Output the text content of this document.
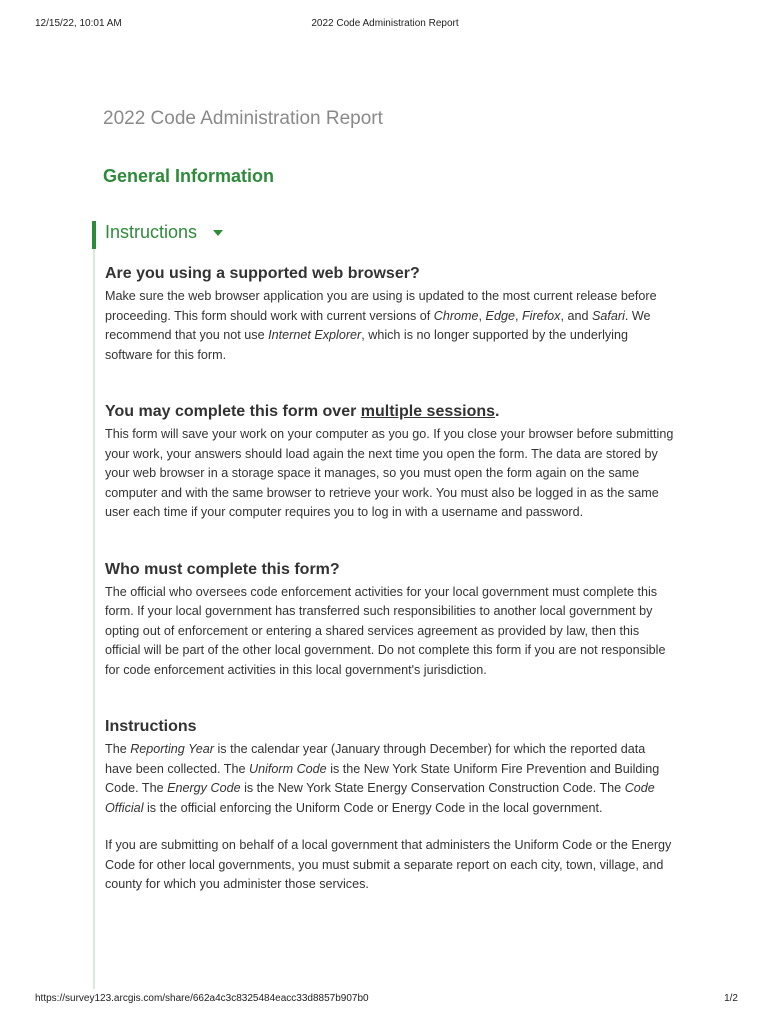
12/15/22, 10:01 AM	2022 Code Administration Report
2022 Code Administration Report
General Information
Instructions
Are you using a supported web browser?

Make sure the web browser application you are using is updated to the most current release before proceeding. This form should work with current versions of Chrome, Edge, Firefox, and Safari. We recommend that you not use Internet Explorer, which is no longer supported by the underlying software for this form.

You may complete this form over multiple sessions.

This form will save your work on your computer as you go. If you close your browser before submitting your work, your answers should load again the next time you open the form. The data are stored by your web browser in a storage space it manages, so you must open the form again on the same computer and with the same browser to retrieve your work. You must also be logged in as the same user each time if your computer requires you to log in with a username and password.

Who must complete this form?

The official who oversees code enforcement activities for your local government must complete this form. If your local government has transferred such responsibilities to another local government by opting out of enforcement or entering a shared services agreement as provided by law, then this official will be part of the other local government. Do not complete this form if you are not responsible for code enforcement activities in this local government's jurisdiction.

Instructions

The Reporting Year is the calendar year (January through December) for which the reported data have been collected. The Uniform Code is the New York State Uniform Fire Prevention and Building Code. The Energy Code is the New York State Energy Conservation Construction Code. The Code Official is the official enforcing the Uniform Code or Energy Code in the local government.

If you are submitting on behalf of a local government that administers the Uniform Code or the Energy Code for other local governments, you must submit a separate report on each city, town, village, and county for which you administer those services.

https://survey123.arcgis.com/share/662a4c3c8325484eacc33d8857b907b0	1/2
